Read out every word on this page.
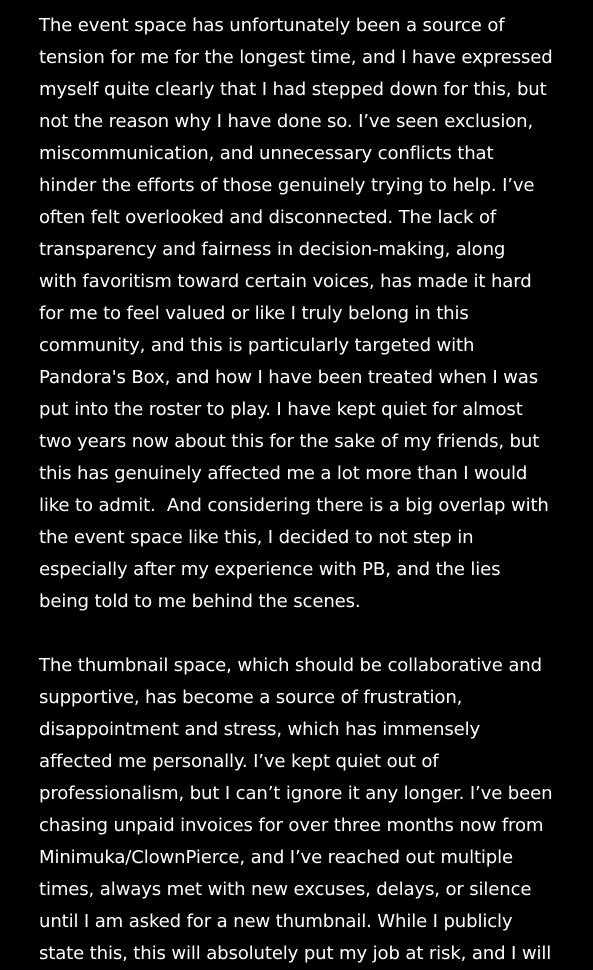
The event space has unfortunately been a source of
tension for me for the longest time, and I have expressed
myself quite clearly that I had stepped down for this, but
not the reason why I have done so. I’ve seen exclusion,
miscommunication, and unnecessary conflicts that
hinder the efforts of those genuinely trying to help. I’ve
often felt overlooked and disconnected. The lack of
transparency and fairness in decision-making, along
with favoritism toward certain voices, has made it hard
for me to feel valued or like I truly belong in this
community, and this is particularly targeted with
Pandora's Box, and how I have been treated when I was
put into the roster to play. I have kept quiet for almost
two years now about this for the sake of my friends, but
this has genuinely affected me a lot more than I would
like to admit.  And considering there is a big overlap with
the event space like this, I decided to not step in
especially after my experience with PB, and the lies
being told to me behind the scenes.
The thumbnail space, which should be collaborative and
supportive, has become a source of frustration,
disappointment and stress, which has immensely
affected me personally. I’ve kept quiet out of
professionalism, but I can’t ignore it any longer. I’ve been
chasing unpaid invoices for over three months now from
Minimuka/ClownPierce, and I’ve reached out multiple
times, always met with new excuses, delays, or silence
until I am asked for a new thumbnail. While I publicly
state this, this will absolutely put my job at risk, and I will
